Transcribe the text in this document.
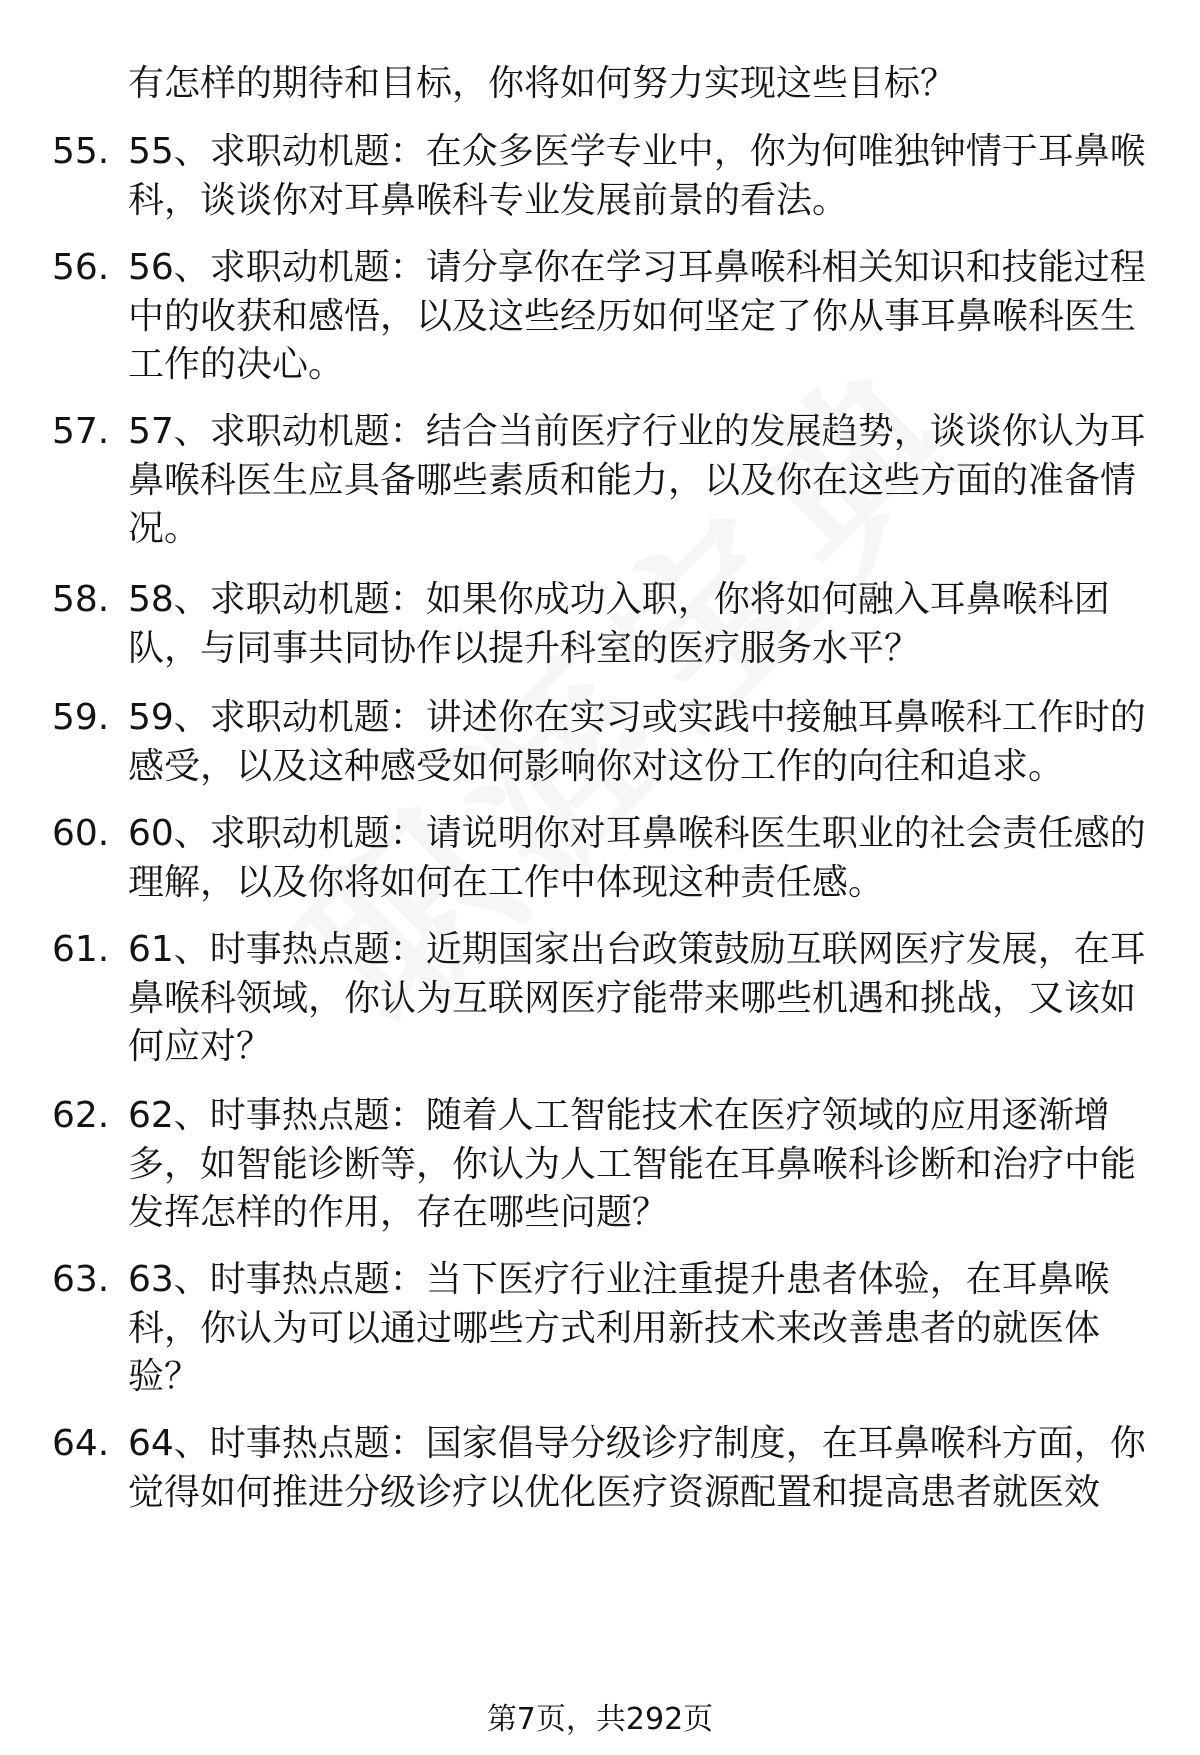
有怎样的期待和目标，你将如何努力实现这些目标？

55. 55、求职动机题：在众多医学专业中，你为何唯独钟情于耳鼻喉科，谈谈你对耳鼻喉科专业发展前景的看法。

56. 56、求职动机题：请分享你在学习耳鼻喉科相关知识和技能过程中的收获和感悟，以及这些经历如何坚定了你从事耳鼻喉科医生工作的决心。

57. 57、求职动机题：结合当前医疗行业的发展趋势，谈谈你认为耳鼻喉科医生应具备哪些素质和能力，以及你在这些方面的准备情况。

58. 58、求职动机题：如果你成功入职，你将如何融入耳鼻喉科团队，与同事共同协作以提升科室的医疗服务水平？

59. 59、求职动机题：讲述你在实习或实践中接触耳鼻喉科工作时的感受，以及这种感受如何影响你对这份工作的向往和追求。

60. 60、求职动机题：请说明你对耳鼻喉科医生职业的社会责任感的理解，以及你将如何在工作中体现这种责任感。

61. 61、时事热点题：近期国家出台政策鼓励互联网医疗发展，在耳鼻喉科领域，你认为互联网医疗能带来哪些机遇和挑战，又该如何应对？

62. 62、时事热点题：随着人工智能技术在医疗领域的应用逐渐增多，如智能诊断等，你认为人工智能在耳鼻喉科诊断和治疗中能发挥怎样的作用，存在哪些问题？

63. 63、时事热点题：当下医疗行业注重提升患者体验，在耳鼻喉科，你认为可以通过哪些方式利用新技术来改善患者的就医体验？

64. 64、时事热点题：国家倡导分级诊疗制度，在耳鼻喉科方面，你觉得如何推进分级诊疗以优化医疗资源配置和提高患者就医效

第7页，共292页
